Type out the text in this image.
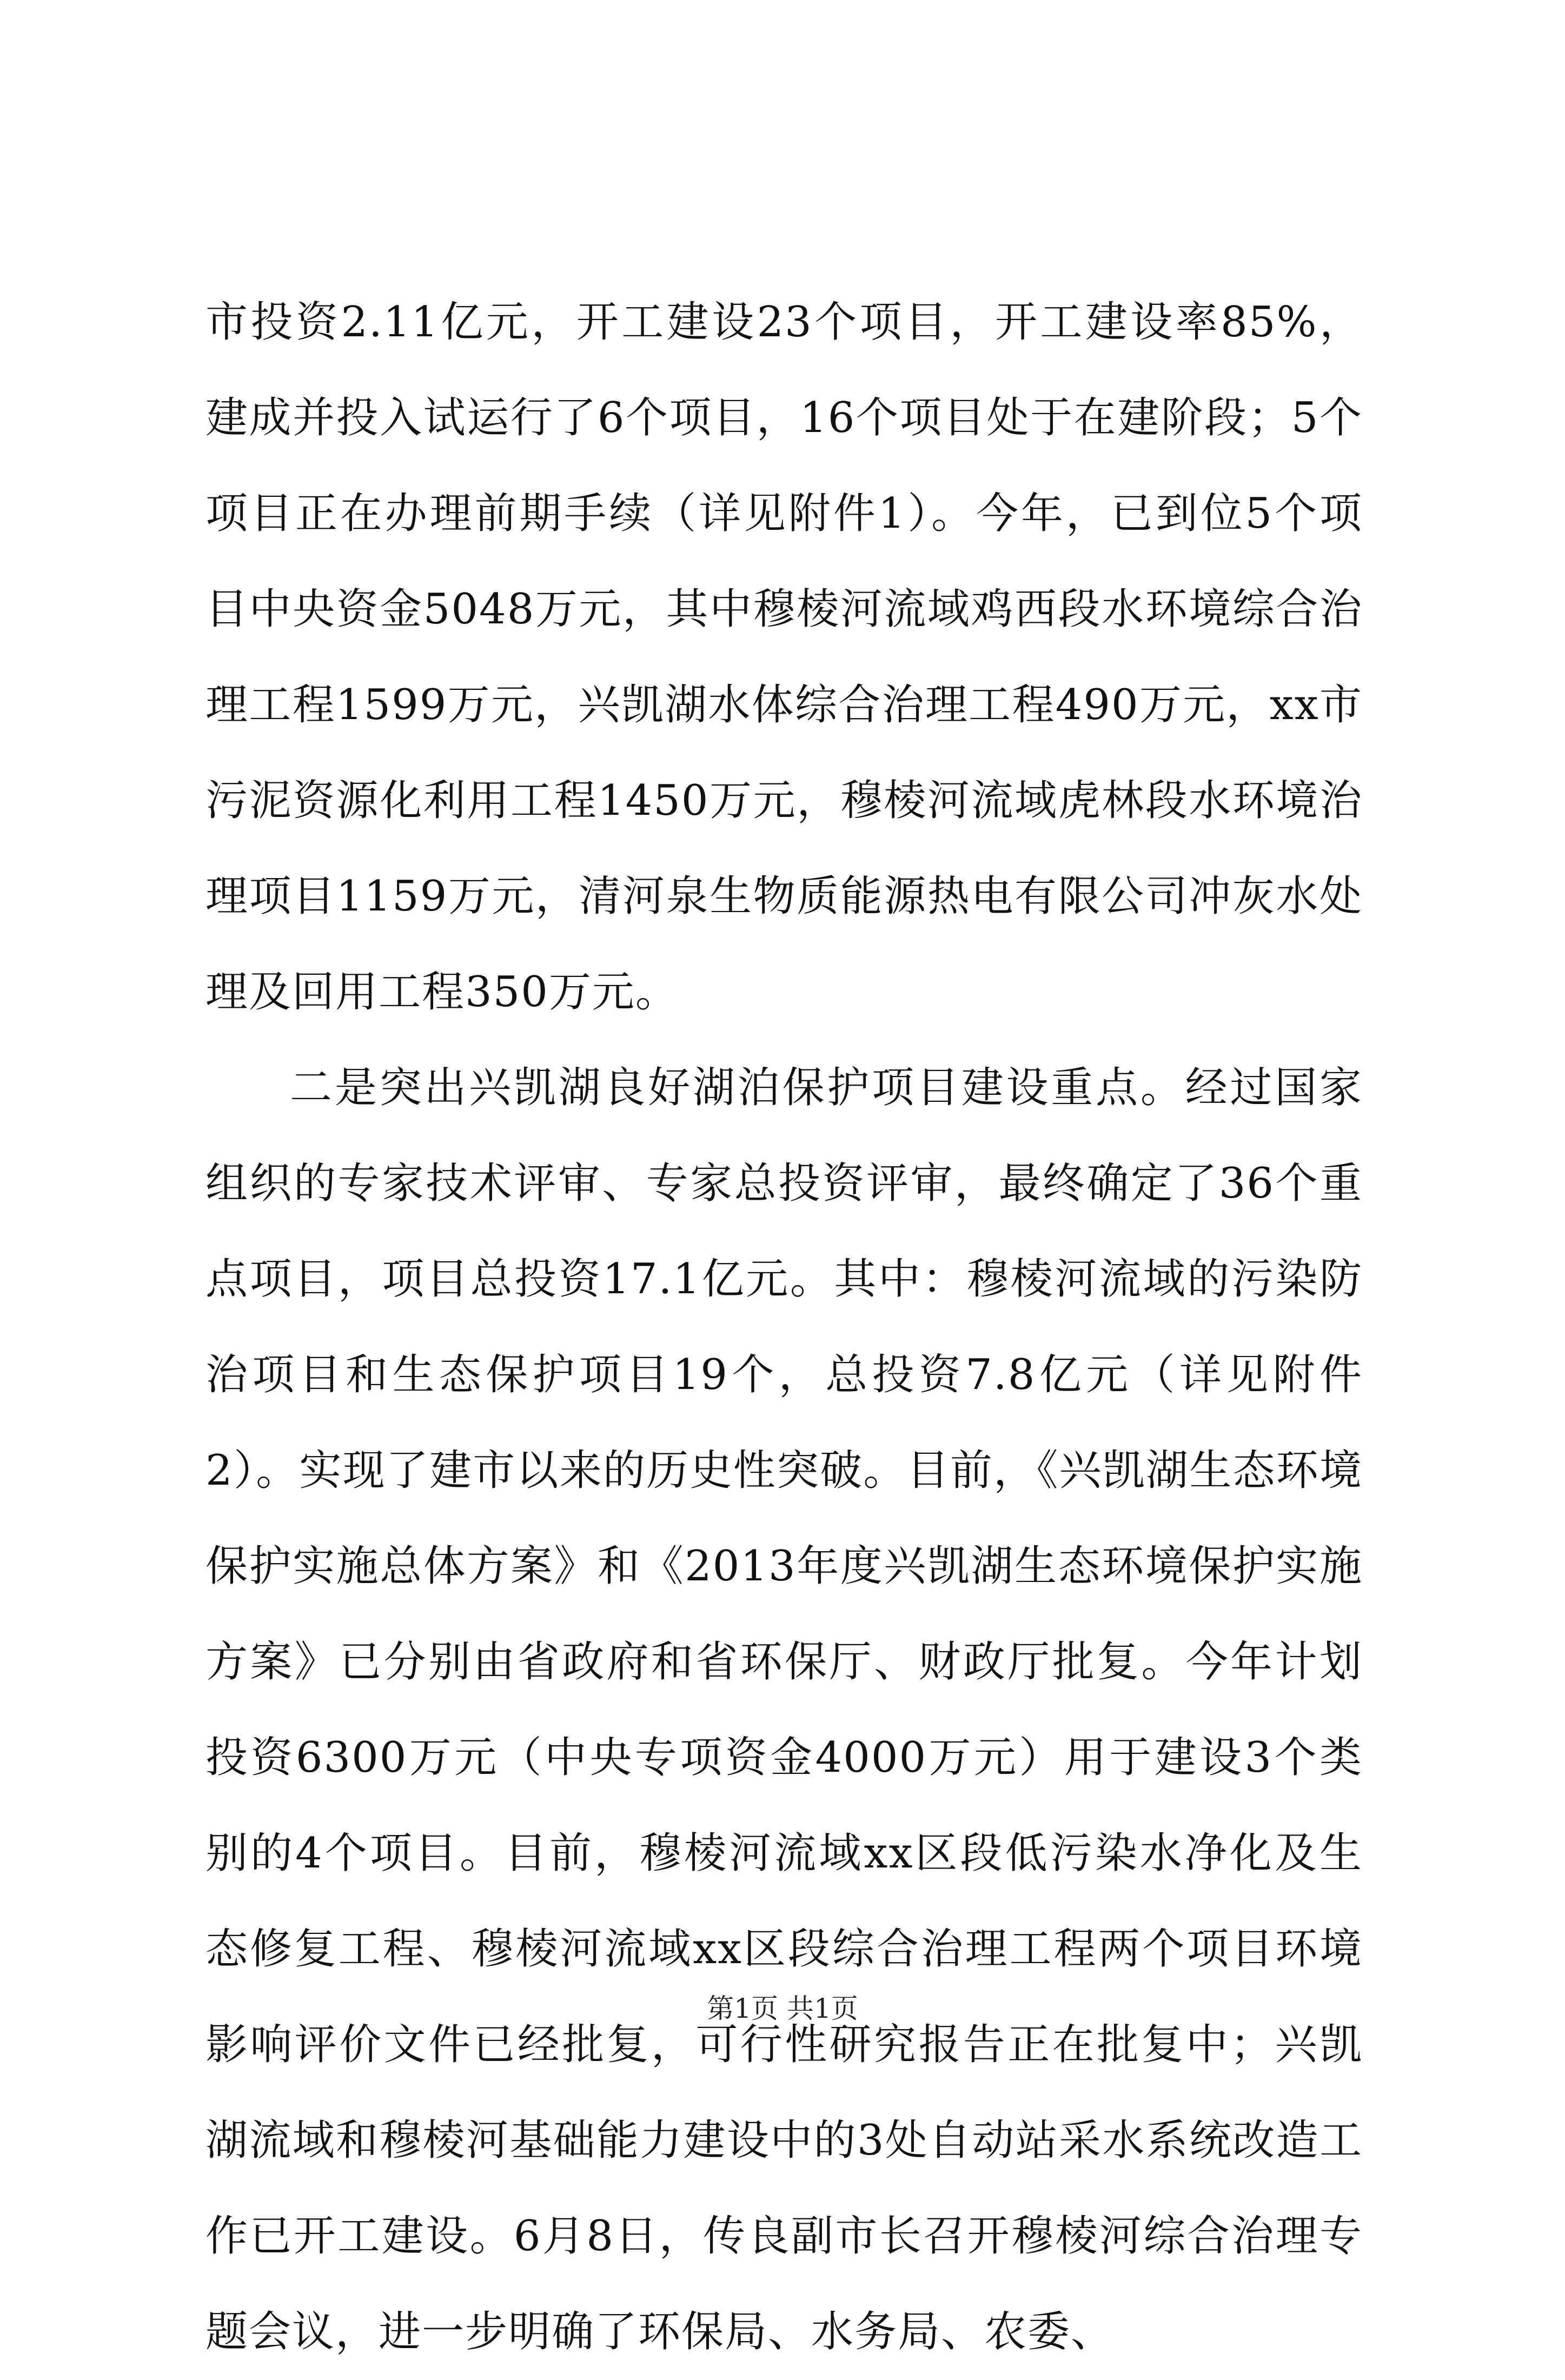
市投资2.11亿元，开工建设23个项目，开工建设率85%，建成并投入试运行了6个项目，16个项目处于在建阶段；5个项目正在办理前期手续（详见附件1）。今年，已到位5个项目中央资金5048万元，其中穆棱河流域鸡西段水环境综合治理工程1599万元，兴凯湖水体综合治理工程490万元，xx市污泥资源化利用工程1450万元，穆棱河流域虎林段水环境治理项目1159万元，清河泉生物质能源热电有限公司冲灰水处理及回用工程350万元。

二是突出兴凯湖良好湖泊保护项目建设重点。经过国家组织的专家技术评审、专家总投资评审，最终确定了36个重点项目，项目总投资17.1亿元。其中：穆棱河流域的污染防治项目和生态保护项目19个，总投资7.8亿元（详见附件2）。实现了建市以来的历史性突破。目前，《兴凯湖生态环境保护实施总体方案》和《2013年度兴凯湖生态环境保护实施方案》已分别由省政府和省环保厅、财政厅批复。今年计划投资6300万元（中央专项资金4000万元）用于建设3个类别的4个项目。目前，穆棱河流域xx区段低污染水净化及生态修复工程、穆棱河流域xx区段综合治理工程两个项目环境影响评价文件已经批复，可行性研究报告正在批复中；兴凯湖流域和穆棱河基础能力建设中的3处自动站采水系统改造工作已开工建设。6月8日，传良副市长召开穆棱河综合治理专题会议，进一步明确了环保局、水务局、农委、

第1页 共1页
